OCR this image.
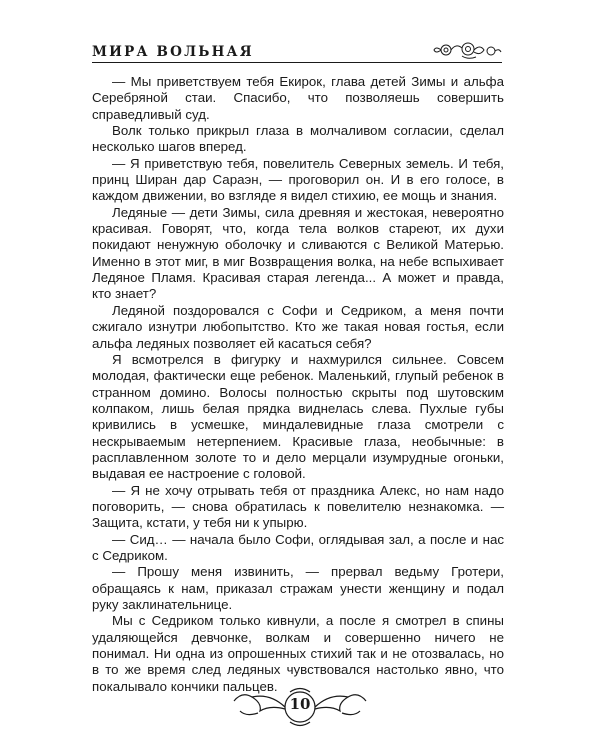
МИРА ВОЛЬНАЯ

— Мы приветствуем тебя Екирок, глава детей Зимы и альфа Серебряной стаи. Спасибо, что позволяешь совершить справедливый суд.

Волк только прикрыл глаза в молчаливом согласии, сделал несколько шагов вперед.

— Я приветствую тебя, повелитель Северных земель. И тебя, принц Ширан дар Сараэн, — проговорил он. И в его голосе, в каждом движении, во взгляде я видел стихию, ее мощь и знания.

Ледяные — дети Зимы, сила древняя и жестокая, невероятно красивая. Говорят, что, когда тела волков стареют, их духи покидают ненужную оболочку и сливаются с Великой Матерью. Именно в этот миг, в миг Возвращения волка, на небе вспыхивает Ледяное Пламя. Красивая старая легенда... А может и правда, кто знает?

Ледяной поздоровался с Софи и Седриком, а меня почти сжигало изнутри любопытство. Кто же такая новая гостья, если альфа ледяных позволяет ей касаться себя?

Я всмотрелся в фигурку и нахмурился сильнее. Совсем молодая, фактически еще ребенок. Маленький, глупый ребенок в странном домино. Волосы полностью скрыты под шутовским колпаком, лишь белая прядка виднелась слева. Пухлые губы кривились в усмешке, миндалевидные глаза смотрели с нескрываемым нетерпением. Красивые глаза, необычные: в расплавленном золоте то и дело мерцали изумрудные огоньки, выдавая ее настроение с головой.

— Я не хочу отрывать тебя от праздника Алекс, но нам надо поговорить, — снова обратилась к повелителю незнакомка. — Защита, кстати, у тебя ни к упырю.

— Сид… — начала было Софи, оглядывая зал, а после и нас с Седриком.

— Прошу меня извинить, — прервал ведьму Гротери, обращаясь к нам, приказал стражам унести женщину и подал руку заклинательнице.

Мы с Седриком только кивнули, а после я смотрел в спины удаляющейся девчонке, волкам и совершенно ничего не понимал. Ни одна из опрошенных стихий так и не отозвалась, но в то же время след ледяных чувствовался настолько явно, что покалывало кончики пальцев.

10
